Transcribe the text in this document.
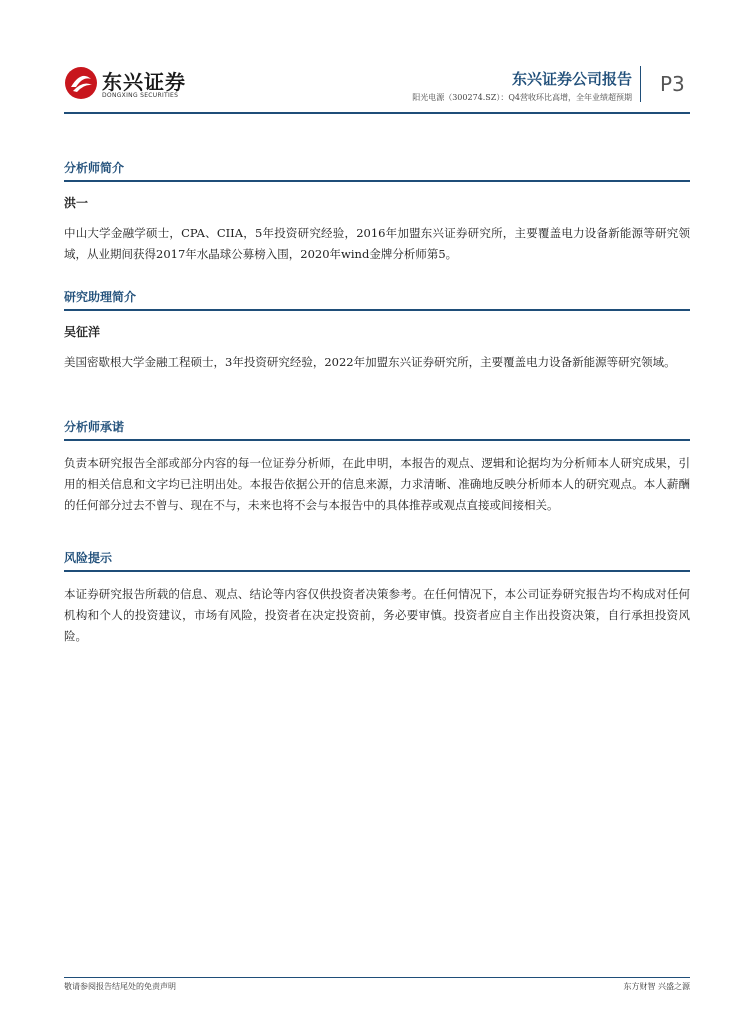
东兴证券
DONGXING SECURITIES
东兴证券公司报告
阳光电源（300274.SZ）：Q4营收环比高增，全年业绩超预期
P3
分析师简介
洪一

中山大学金融学硕士，CPA、CIIA，5年投资研究经验，2016年加盟东兴证券研究所，主要覆盖电力设备新能源等研究领域，从业期间获得2017年水晶球公募榜入围，2020年wind金牌分析师第5。

研究助理简介
吴征洋

美国密歇根大学金融工程硕士，3年投资研究经验，2022年加盟东兴证券研究所，主要覆盖电力设备新能源等研究领域。

分析师承诺

负责本研究报告全部或部分内容的每一位证券分析师，在此申明，本报告的观点、逻辑和论据均为分析师本人研究成果，引用的相关信息和文字均已注明出处。本报告依据公开的信息来源，力求清晰、准确地反映分析师本人的研究观点。本人薪酬的任何部分过去不曾与、现在不与，未来也将不会与本报告中的具体推荐或观点直接或间接相关。

风险提示

本证券研究报告所载的信息、观点、结论等内容仅供投资者决策参考。在任何情况下，本公司证券研究报告均不构成对任何机构和个人的投资建议，市场有风险，投资者在决定投资前，务必要审慎。投资者应自主作出投资决策，自行承担投资风险。

敬请参阅报告结尾处的免责声明	东方财智 兴盛之源
